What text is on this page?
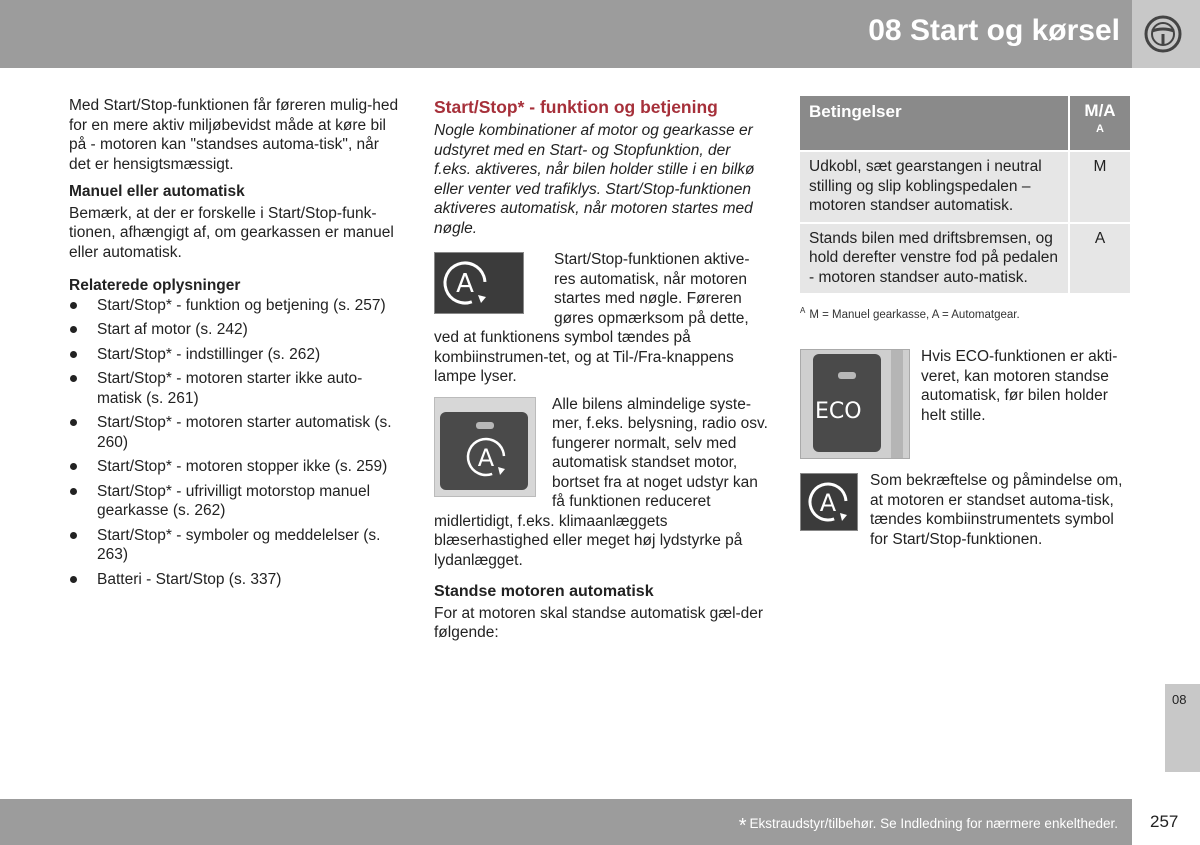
08 Start og kørsel

Med Start/Stop-funktionen får føreren mulig-hed for en mere aktiv miljøbevidst måde at køre bil på - motoren kan "standses automa-tisk", når det er hensigtsmæssigt.

Manuel eller automatisk

Bemærk, at der er forskelle i Start/Stop-funk-tionen, afhængigt af, om gearkassen er manuel eller automatisk.

Relaterede oplysninger
Start/Stop* - funktion og betjening (s. 257)
Start af motor (s. 242)
Start/Stop* - indstillinger (s. 262)
Start/Stop* - motoren starter ikke auto-matisk (s. 261)
Start/Stop* - motoren starter automatisk (s. 260)
Start/Stop* - motoren stopper ikke (s. 259)
Start/Stop* - ufrivilligt motorstop manuel gearkasse (s. 262)
Start/Stop* - symboler og meddelelser (s. 263)
Batteri - Start/Stop (s. 337)
Start/Stop* - funktion og betjening

Nogle kombinationer af motor og gearkasse er udstyret med en Start- og Stopfunktion, der f.eks. aktiveres, når bilen holder stille i en bilkø eller venter ved trafiklys. Start/Stop-funktionen aktiveres automatisk, når motoren startes med nøgle.

A

Start/Stop-funktionen aktive-res automatisk, når motoren startes med nøgle. Føreren gøres opmærksom på dette, ved at funktionens symbol tændes på kombiinstrumen-tet, og at Til-/Fra-knappens lampe lyser.

A

Alle bilens almindelige syste-mer, f.eks. belysning, radio osv. fungerer normalt, selv med automatisk standset motor, bortset fra at noget udstyr kan få funktionen reduceret midlertidigt, f.eks. klimaanlæggets blæserhastighed eller meget høj lydstyrke på lydanlægget.

Standse motoren automatisk

For at motoren skal standse automatisk gæl-der følgende:

Betingelser	M/A
A

Udkobl, sæt gearstangen i neutral stilling og slip koblingspedalen – motoren standser automatisk.	M
Stands bilen med driftsbremsen, og hold derefter venstre fod på pedalen - motoren standser auto-matisk.	A
$^A$ M = Manuel gearkasse, A = Automatgear.
ECO

Hvis ECO-funktionen er akti-veret, kan motoren standse automatisk, før bilen holder helt stille.

A

Som bekræftelse og påmindelse om, at motoren er standset automa-tisk, tændes kombiinstrumentets symbol for Start/Stop-funktionen.

08
* Ekstraudstyr/tilbehør. Se Indledning for nærmere enkeltheder. 257
